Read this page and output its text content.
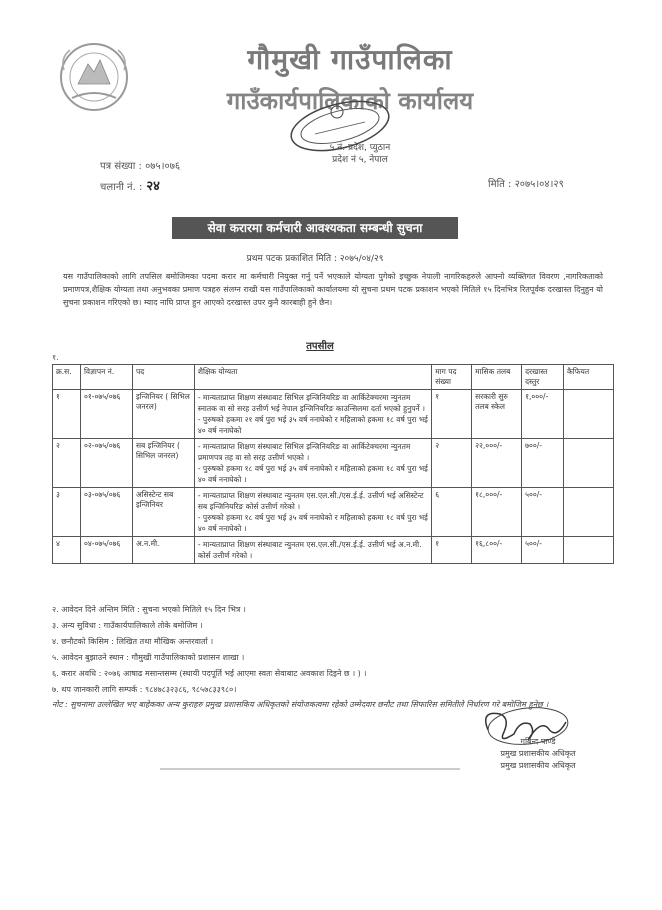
गौमुखी गाउँपालिका
गाउँकार्यपालिकाको कार्यालय
५ नं. प्रदेश, प्युठान
प्रदेश नं ५, नेपाल
पत्र संख्या : ०७५।०७६
चलानी नं. : २४	मिति : २०७५।०४।२९
सेवा करारमा कर्मचारी आवश्यकता सम्बन्धी सुचना
प्रथम पटक प्रकाशित मिति : २०७५/०४/२९
यस गाउँपालिकाको लागि तपसिल बमोजिमका पदमा करार मा कर्मचारी नियुक्त गर्नु पर्ने भएकाले योग्यता पुगेको इच्छुक नेपाली नागरिकहरुले आफ्नो व्यक्तिगत विवरण ,नागरिकताको प्रमाणपत्र,शैक्षिक योग्यता तथा अनुभवका प्रमाण पत्रहरु संलग्न राखी यस गाउँपालिकाको कार्यालयमा यो सुचना प्रथम पटक प्रकाशन भएको मितिले १५ दिनभित्र रितपूर्वक दरखास्त दिनुहुन यो सुचना प्रकाशन गरिएको छ। म्याद नाघि प्राप्त हुन आएको दरखास्त उपर कुनै कारबाही हुने छैन।
तपसील
१.
क्र.स.	विज्ञापन नं.	पद	शैक्षिक योग्यता	माग पद संख्या	मासिक तलब	दरखास्त दस्तुर	कैफियत
१	०१-०७५/०७६	इन्जिनियर ( सिभिल जनरल)	- मान्यताप्राप्त शिक्षण संस्थाबाट सिभिल इन्जिनियरिङ वा आर्किटेक्चरमा न्युनतम स्नातक वा सो सरह उत्तीर्ण भई नेपाल इन्जिनियरिङ काउन्सिलमा दर्ता भएको हुनुपर्ने ।

- पुरुषको हकमा २१ वर्ष पुरा भई ३५ वर्ष ननाघेको र महिलाको हकमा १८ वर्ष पुरा भई ४० वर्ष ननाघेको	१	सरकारी सुरु तलब स्केल	१,०००/-	
२	०२-०७५/०७६	सब इन्जिनियर ( सिभिल जनरल)	- मान्यताप्राप्त शिक्षण संस्थाबाट सिभिल इन्जिनियरिङ वा आर्किटेक्चरमा न्युनतम प्रमाणपत्र तह वा सो सरह उत्तीर्ण भएको ।

- पुरुषको हकमा १८ वर्ष पुरा भई ३५ वर्ष ननाघेको र महिलाको हकमा १८ वर्ष पुरा भई ४० वर्ष ननाघेको ।	२	२२,०००/-	७००/-	
३	०३-०७५/०७६	असिस्टेन्ट सब इन्जिनियर	- मान्यताप्राप्त शिक्षण संस्थाबाट न्युनतम एस.एल.सी./एस.ई.ई. उत्तीर्ण भई असिस्टेन्ट सब इन्जिनियरिङ कोर्स उत्तीर्ण गरेको ।

- पुरुषको हकमा १८ वर्ष पुरा भई ३५ वर्ष ननाघेको र महिलाको हकमा १८ वर्ष पुरा भई ४० वर्ष ननाघेको ।	६	१८,०००/-	५००/-	
४	०४-०७५/०७६	अ.न.मी.	- मान्यताप्राप्त शिक्षण संस्थाबाट न्युनतम एस.एल.सी./एस.ई.ई. उत्तीर्ण भई अ.न.मी. कोर्स उत्तीर्ण गरेको ।	१	१६,८००/-	५००/-	
२. आवेदन दिने अन्तिम मिति : सुचना भएको मितिले १५ दिन भित्र ।
३. अन्य सुविधा : गाउँकार्यपालिकाले तोके बमोजिम ।
४. छनौटको किसिम : लिखित तथा मौखिक अन्तरवार्ता ।
५. आवेदन बुझाउने स्थान : गौमुखी गाउँपालिकाको प्रशासन शाखा ।
६. करार अवधि : २०७६ आषाढ मसान्तसम्म (स्थायी पदपूर्ति भई आएमा स्वतः सेवाबाट अवकाश दिइने छ । ) ।
७. थप जानकारी लागि सम्पर्क : ९८४७८३२३८६, ९८५७८३३९८०।
नोट : सुचनामा उल्लेखित भए बाहेकका अन्य कुराहरु प्रमुख प्रशासकिय अधिकृतको संयोजकत्वमा रहेको उम्मेदवार छनौट तथा सिफारिस समितीले निर्धारण गरे बमोजिम हुनेछ ।
गबिन्द पाण्डे
प्रमुख प्रशासकीय अधिकृत
प्रमुख प्रशासकीय अधिकृत
